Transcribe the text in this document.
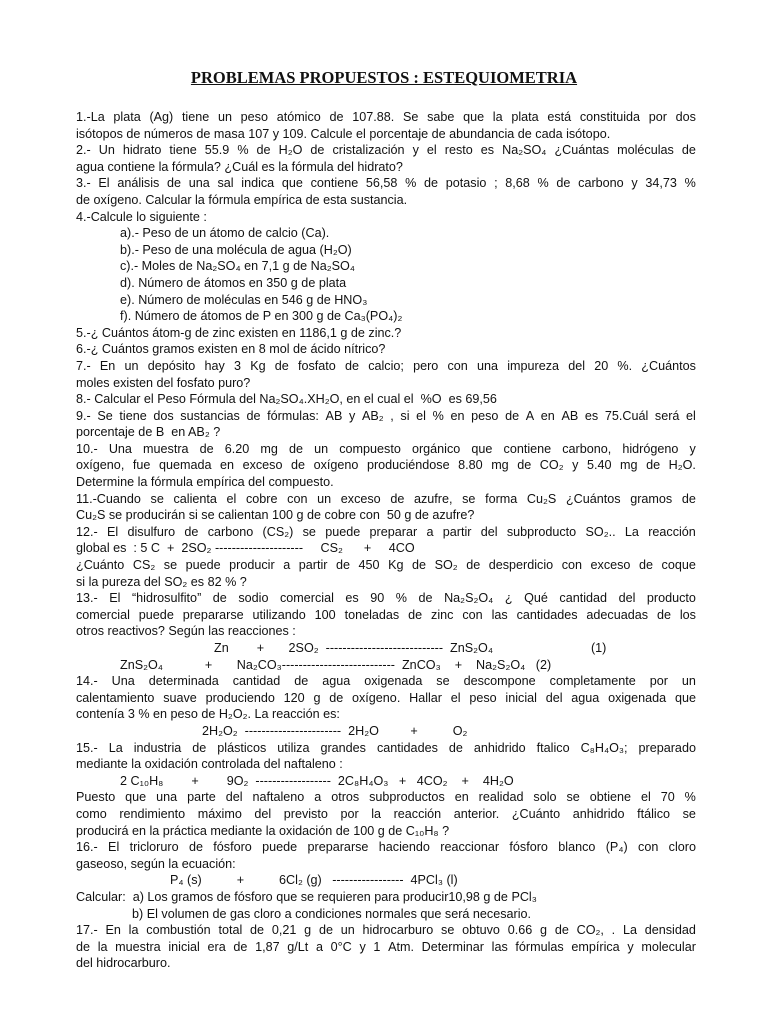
PROBLEMAS PROPUESTOS : ESTEQUIOMETRIA
1.-La plata (Ag) tiene un peso atómico de 107.88. Se sabe que la plata está constituida por dos
isótopos de números de masa 107 y 109. Calcule el porcentaje de abundancia de cada isótopo.
2.- Un hidrato tiene 55.9 % de H₂O de cristalización y el resto es Na₂SO₄ ¿Cuántas moléculas de
agua contiene la fórmula? ¿Cuál es la fórmula del hidrato?
3.- El análisis de una sal indica que contiene 56,58 % de potasio ; 8,68 % de carbono y 34,73 %
de oxígeno. Calcular la fórmula empírica de esta sustancia.
4.-Calcule lo siguiente :
a).- Peso de un átomo de calcio (Ca).
b).- Peso de una molécula de agua (H₂O)
c).- Moles de Na₂SO₄ en 7,1 g de Na₂SO₄
d). Número de átomos en 350 g de plata
e). Número de moléculas en 546 g de HNO₃
f). Número de átomos de P en 300 g de Ca₃(PO₄)₂
5.-¿ Cuántos átom-g de zinc existen en 1186,1 g de zinc.?
6.-¿ Cuántos gramos existen en 8 mol de ácido nítrico?
7.- En un depósito hay 3 Kg de fosfato de calcio; pero con una impureza del 20 %. ¿Cuántos
moles existen del fosfato puro?
8.- Calcular el Peso Fórmula del Na₂SO₄.XH₂O, en el cual el  %O  es 69,56
9.- Se tiene dos sustancias de fórmulas: AB y AB₂ , si el % en peso de A en AB es 75.Cuál será el
porcentaje de B  en AB₂ ?
10.- Una muestra de 6.20 mg de un compuesto orgánico que contiene carbono, hidrógeno y
oxígeno, fue quemada en exceso de oxígeno produciéndose 8.80 mg de CO₂ y 5.40 mg de H₂O.
Determine la fórmula empírica del compuesto.
11.-Cuando se calienta el cobre con un exceso de azufre, se forma Cu₂S ¿Cuántos gramos de
Cu₂S se producirán si se calientan 100 g de cobre con  50 g de azufre?
12.- El disulfuro de carbono (CS₂) se puede preparar a partir del subproducto SO₂.. La reacción
global es  : 5 C  +  2SO₂ ---------------------     CS₂      +     4CO
¿Cuánto CS₂ se puede producir a partir de 450 Kg de SO₂ de desperdicio con exceso de coque
si la pureza del SO₂ es 82 % ?
13.- El “hidrosulfito” de sodio comercial es 90 % de Na₂S₂O₄ ¿ Qué cantidad del producto
comercial puede prepararse utilizando 100 toneladas de zinc con las cantidades adecuadas de los
otros reactivos? Según las reacciones :
Zn        +       2SO₂  ----------------------------  ZnS₂O₄                            (1)
ZnS₂O₄            +       Na₂CO₃---------------------------  ZnCO₃    +    Na₂S₂O₄   (2)
14.- Una determinada cantidad de agua oxigenada se descompone completamente por un
calentamiento suave produciendo 120 g de oxígeno. Hallar el peso inicial del agua oxigenada que
contenía 3 % en peso de H₂O₂. La reacción es:
2H₂O₂  -----------------------  2H₂O         +          O₂
15.- La industria de plásticos utiliza grandes cantidades de anhidrido ftalico C₈H₄O₃; preparado
mediante la oxidación controlada del naftaleno :
2 C₁₀H₈        +        9O₂  ------------------  2C₈H₄O₃   +   4CO₂    +    4H₂O
Puesto que una parte del naftaleno a otros subproductos en realidad solo se obtiene el 70 %
como rendimiento máximo del previsto por la reacción anterior. ¿Cuánto anhidrido ftálico se
producirá en la práctica mediante la oxidación de 100 g de C₁₀H₈ ?
16.- El tricloruro de fósforo puede prepararse haciendo reaccionar fósforo blanco (P₄) con cloro
gaseoso, según la ecuación:
P₄ (s)          +          6Cl₂ (g)   -----------------  4PCl₃ (l)
Calcular:  a) Los gramos de fósforo que se requieren para producir10,98 g de PCl₃
b) El volumen de gas cloro a condiciones normales que será necesario.
17.- En la combustión total de 0,21 g de un hidrocarburo se obtuvo 0.66 g de CO₂, . La densidad
de la muestra inicial era de 1,87 g/Lt a 0°C y 1 Atm. Determinar las fórmulas empírica y molecular
del hidrocarburo.
